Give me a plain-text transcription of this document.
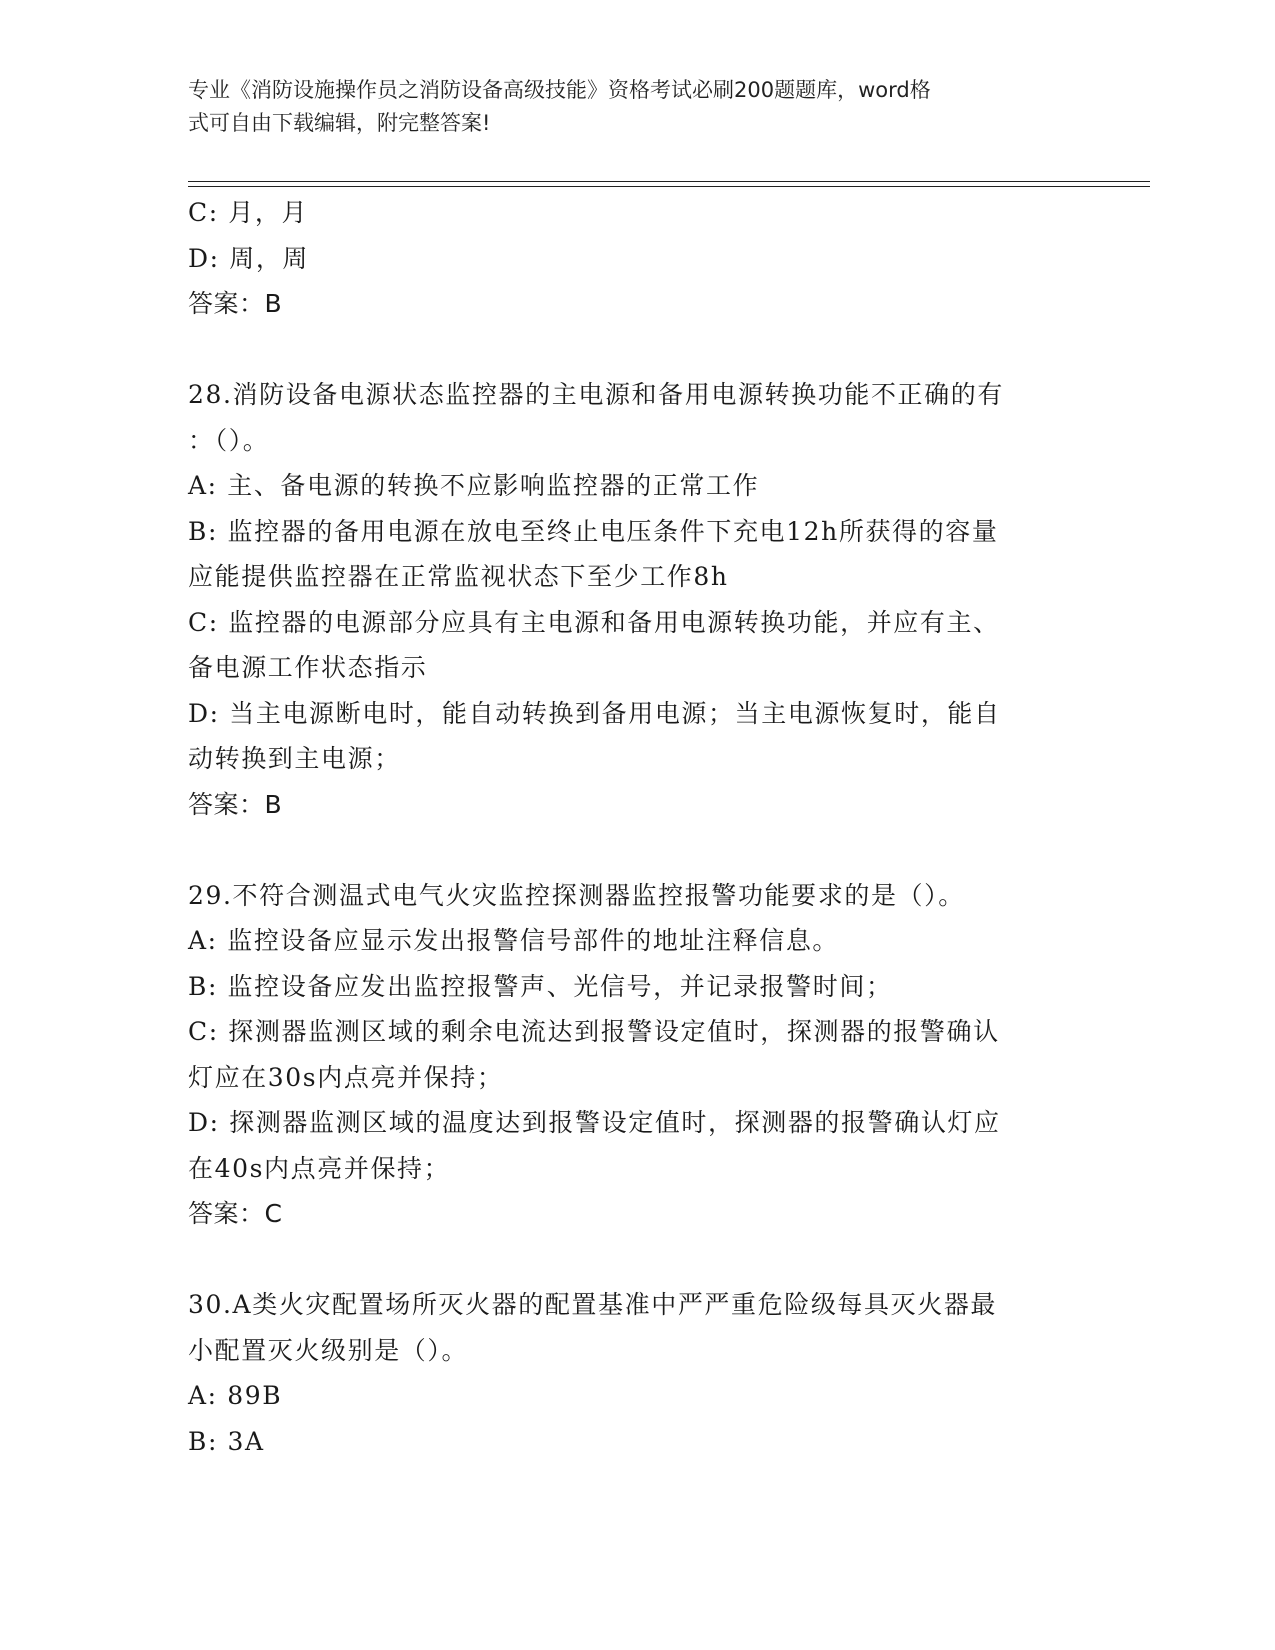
专业《消防设施操作员之消防设备高级技能》资格考试必刷200题题库，word格
式可自由下载编辑，附完整答案!
C: 月，月
D: 周，周
答案：B
28.消防设备电源状态监控器的主电源和备用电源转换功能不正确的有
：（）。
A: 主、备电源的转换不应影响监控器的正常工作
B: 监控器的备用电源在放电至终止电压条件下充电12h所获得的容量
应能提供监控器在正常监视状态下至少工作8h
C: 监控器的电源部分应具有主电源和备用电源转换功能，并应有主、
备电源工作状态指示
D: 当主电源断电时，能自动转换到备用电源；当主电源恢复时，能自
动转换到主电源；
答案：B
29.不符合测温式电气火灾监控探测器监控报警功能要求的是（）。
A: 监控设备应显示发出报警信号部件的地址注释信息。
B: 监控设备应发出监控报警声、光信号，并记录报警时间；
C: 探测器监测区域的剩余电流达到报警设定值时，探测器的报警确认
灯应在30s内点亮并保持；
D: 探测器监测区域的温度达到报警设定值时，探测器的报警确认灯应
在40s内点亮并保持；
答案：C
30.A类火灾配置场所灭火器的配置基准中严严重危险级每具灭火器最
小配置灭火级别是（）。
A: 89B
B: 3A
